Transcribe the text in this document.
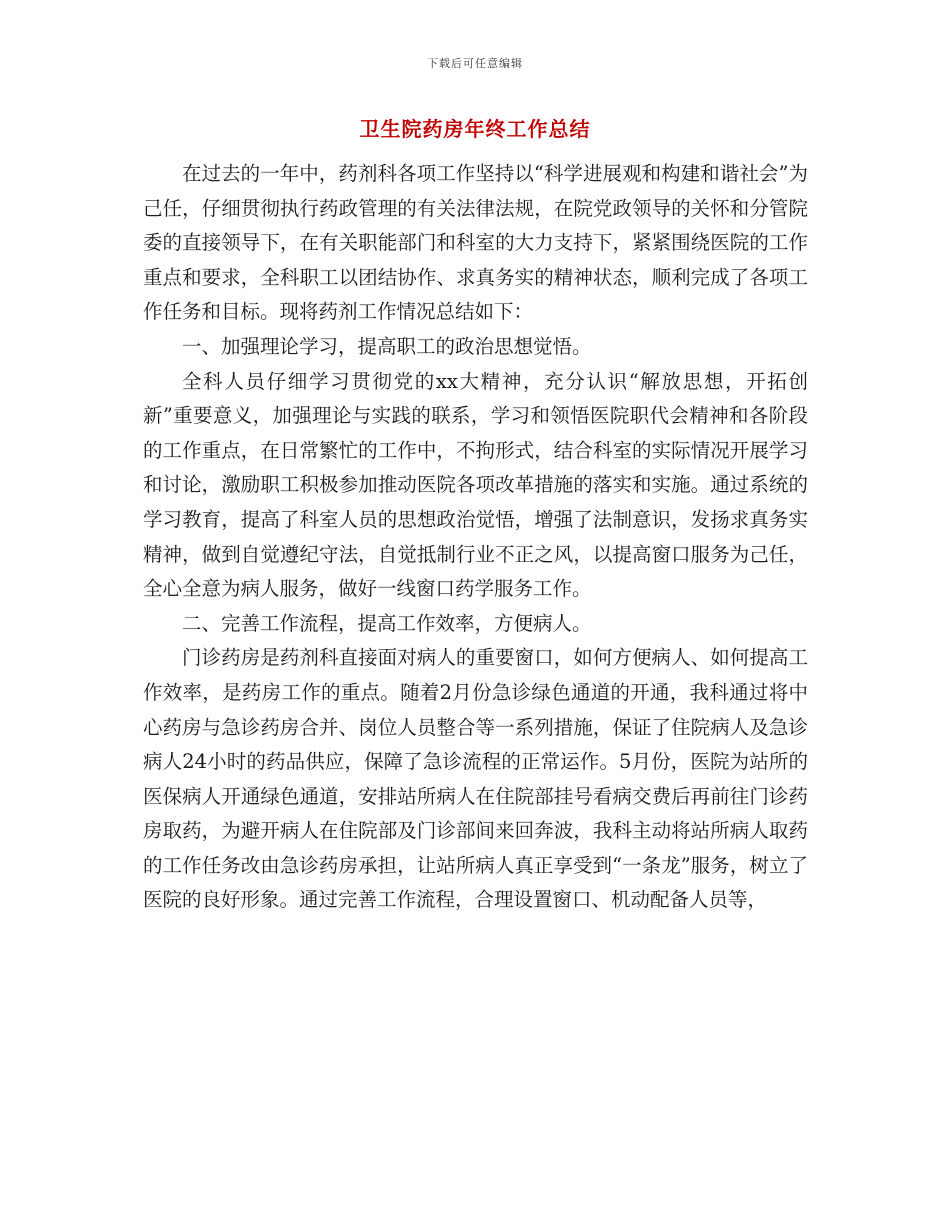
下载后可任意编辑
卫生院药房年终工作总结

在过去的一年中，药剂科各项工作坚持以“科学进展观和构建和谐社会”为己任，仔细贯彻执行药政管理的有关法律法规，在院党政领导的关怀和分管院委的直接领导下，在有关职能部门和科室的大力支持下，紧紧围绕医院的工作重点和要求，全科职工以团结协作、求真务实的精神状态，顺利完成了各项工作任务和目标。现将药剂工作情况总结如下：

一、加强理论学习，提高职工的政治思想觉悟。

全科人员仔细学习贯彻党的xx大精神，充分认识“解放思想，开拓创新”重要意义，加强理论与实践的联系，学习和领悟医院职代会精神和各阶段的工作重点，在日常繁忙的工作中，不拘形式，结合科室的实际情况开展学习和讨论，激励职工积极参加推动医院各项改革措施的落实和实施。通过系统的学习教育，提高了科室人员的思想政治觉悟，增强了法制意识，发扬求真务实精神，做到自觉遵纪守法，自觉抵制行业不正之风，以提高窗口服务为己任，全心全意为病人服务，做好一线窗口药学服务工作。

二、完善工作流程，提高工作效率，方便病人。

门诊药房是药剂科直接面对病人的重要窗口，如何方便病人、如何提高工作效率，是药房工作的重点。随着2月份急诊绿色通道的开通，我科通过将中心药房与急诊药房合并、岗位人员整合等一系列措施，保证了住院病人及急诊病人24小时的药品供应，保障了急诊流程的正常运作。5月份，医院为站所的医保病人开通绿色通道，安排站所病人在住院部挂号看病交费后再前往门诊药房取药，为避开病人在住院部及门诊部间来回奔波，我科主动将站所病人取药的工作任务改由急诊药房承担，让站所病人真正享受到“一条龙”服务，树立了医院的良好形象。通过完善工作流程，合理设置窗口、机动配备人员等，
